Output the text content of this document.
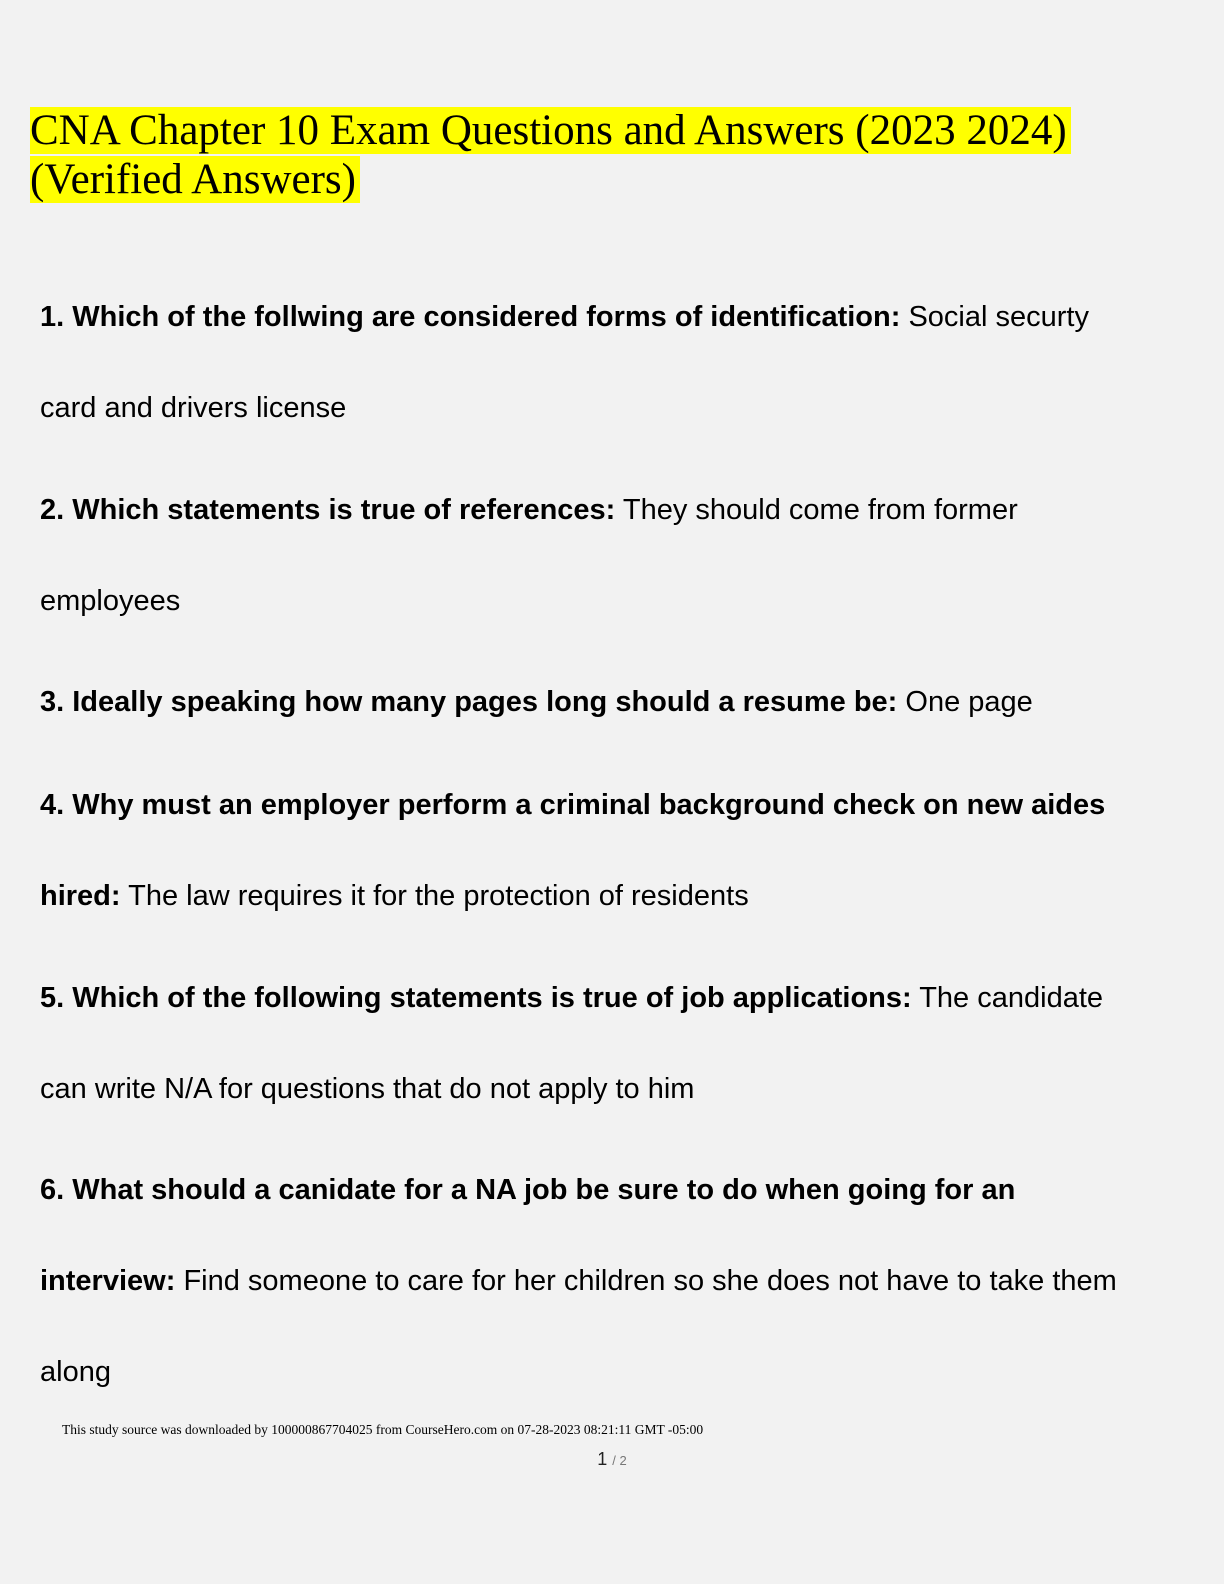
CNA Chapter 10 Exam Questions and Answers (2023 2024)
(Verified Answers)

1. Which of the follwing are considered forms of identification: Social securty card and drivers license

2. Which statements is true of references: They should come from former employees

3. Ideally speaking how many pages long should a resume be: One page

4. Why must an employer perform a criminal background check on new aides hired: The law requires it for the protection of residents

5. Which of the following statements is true of job applications: The candidate can write N/A for questions that do not apply to him

6. What should a canidate for a NA job be sure to do when going for an interview: Find someone to care for her children so she does not have to take them along

This study source was downloaded by 100000867704025 from CourseHero.com on 07-28-2023 08:21:11 GMT -05:00
1 / 2
